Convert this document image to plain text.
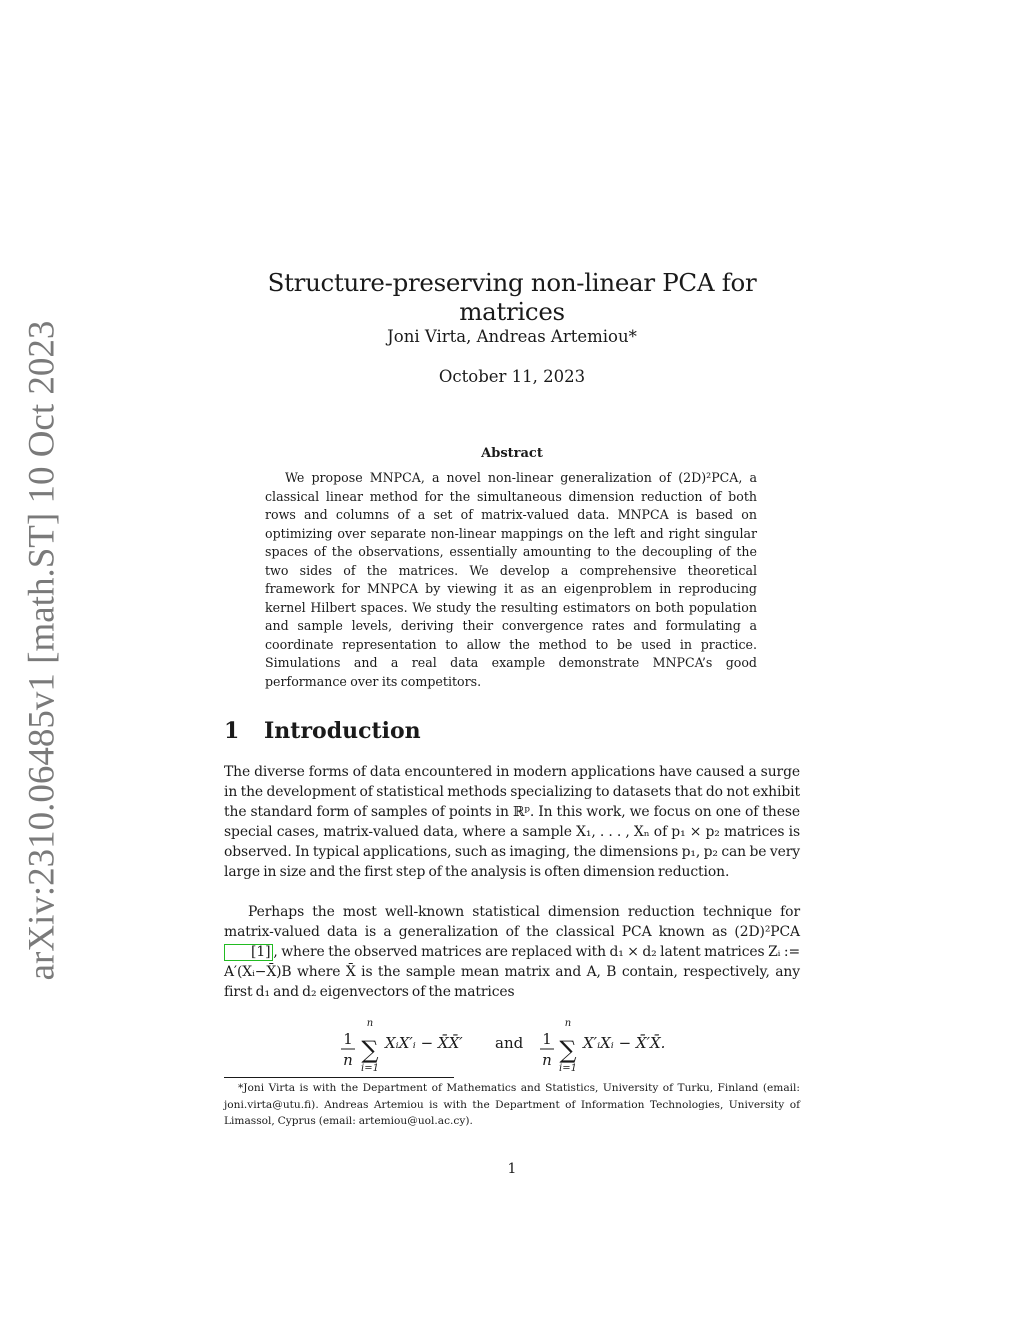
arXiv:2310.06485v1 [math.ST] 10 Oct 2023
Structure-preserving non-linear PCA for matrices
Joni Virta, Andreas Artemiou*
October 11, 2023
Abstract
We propose MNPCA, a novel non-linear generalization of (2D)²PCA, a classical linear method for the simultaneous dimension reduction of both rows and columns of a set of matrix-valued data. MNPCA is based on optimizing over separate non-linear mappings on the left and right singular spaces of the observations, essentially amounting to the decoupling of the two sides of the matrices. We develop a comprehensive theoretical framework for MNPCA by viewing it as an eigenproblem in reproducing kernel Hilbert spaces. We study the resulting estimators on both population and sample levels, deriving their convergence rates and formulating a coordinate representation to allow the method to be used in practice. Simulations and a real data example demonstrate MNPCA’s good performance over its competitors.
1 Introduction
The diverse forms of data encountered in modern applications have caused a surge in the development of statistical methods specializing to datasets that do not exhibit the standard form of samples of points in ℝᵖ. In this work, we focus on one of these special cases, matrix-valued data, where a sample X₁, . . . , Xₙ of p₁ × p₂ matrices is observed. In typical applications, such as imaging, the dimensions p₁, p₂ can be very large in size and the first step of the analysis is often dimension reduction.
Perhaps the most well-known statistical dimension reduction technique for matrix-valued data is a generalization of the classical PCA known as (2D)²PCA [1] , where the observed matrices are replaced with d₁ × d₂ latent matrices Zᵢ := A′(Xᵢ−X̄)B where X̄ is the sample mean matrix and A, B contain, respectively, any first d₁ and d₂ eigenvectors of the matrices
1
n
n
∑
i=1
XᵢX′ᵢ − X̄X̄′ and 1
n
n
∑
i=1
X′ᵢXᵢ − X̄′X̄.
*Joni Virta is with the Department of Mathematics and Statistics, University of Turku, Finland (email: joni.virta@utu.fi). Andreas Artemiou is with the Department of Information Technologies, University of Limassol, Cyprus (email: artemiou@uol.ac.cy).
1
